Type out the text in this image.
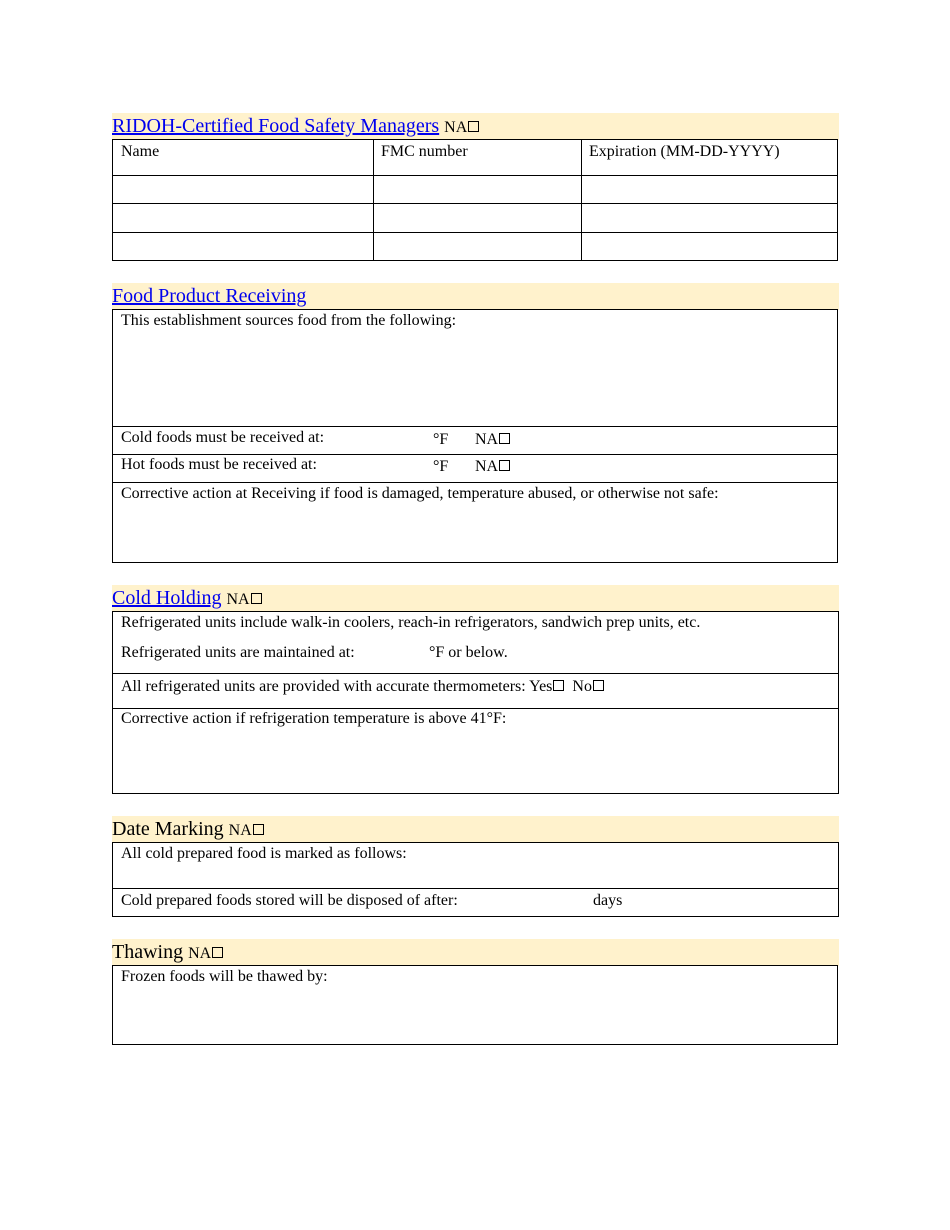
RIDOH-Certified Food Safety Managers NA
Name	FMC number	Expiration (MM-DD-YYYY)
Food Product Receiving
This establishment sources food from the following:
Cold foods must be received at:	°F NA
Hot foods must be received at:	°F NA
Corrective action at Receiving if food is damaged, temperature abused, or otherwise not safe:
Cold Holding NA
Refrigerated units include walk-in coolers, reach-in refrigerators, sandwich prep units, etc.
Refrigerated units are maintained at:	°F or below.
All refrigerated units are provided with accurate thermometers: Yes No
Corrective action if refrigeration temperature is above 41°F:
Date Marking NA
All cold prepared food is marked as follows:
Cold prepared foods stored will be disposed of after:	days
Thawing NA
Frozen foods will be thawed by:
